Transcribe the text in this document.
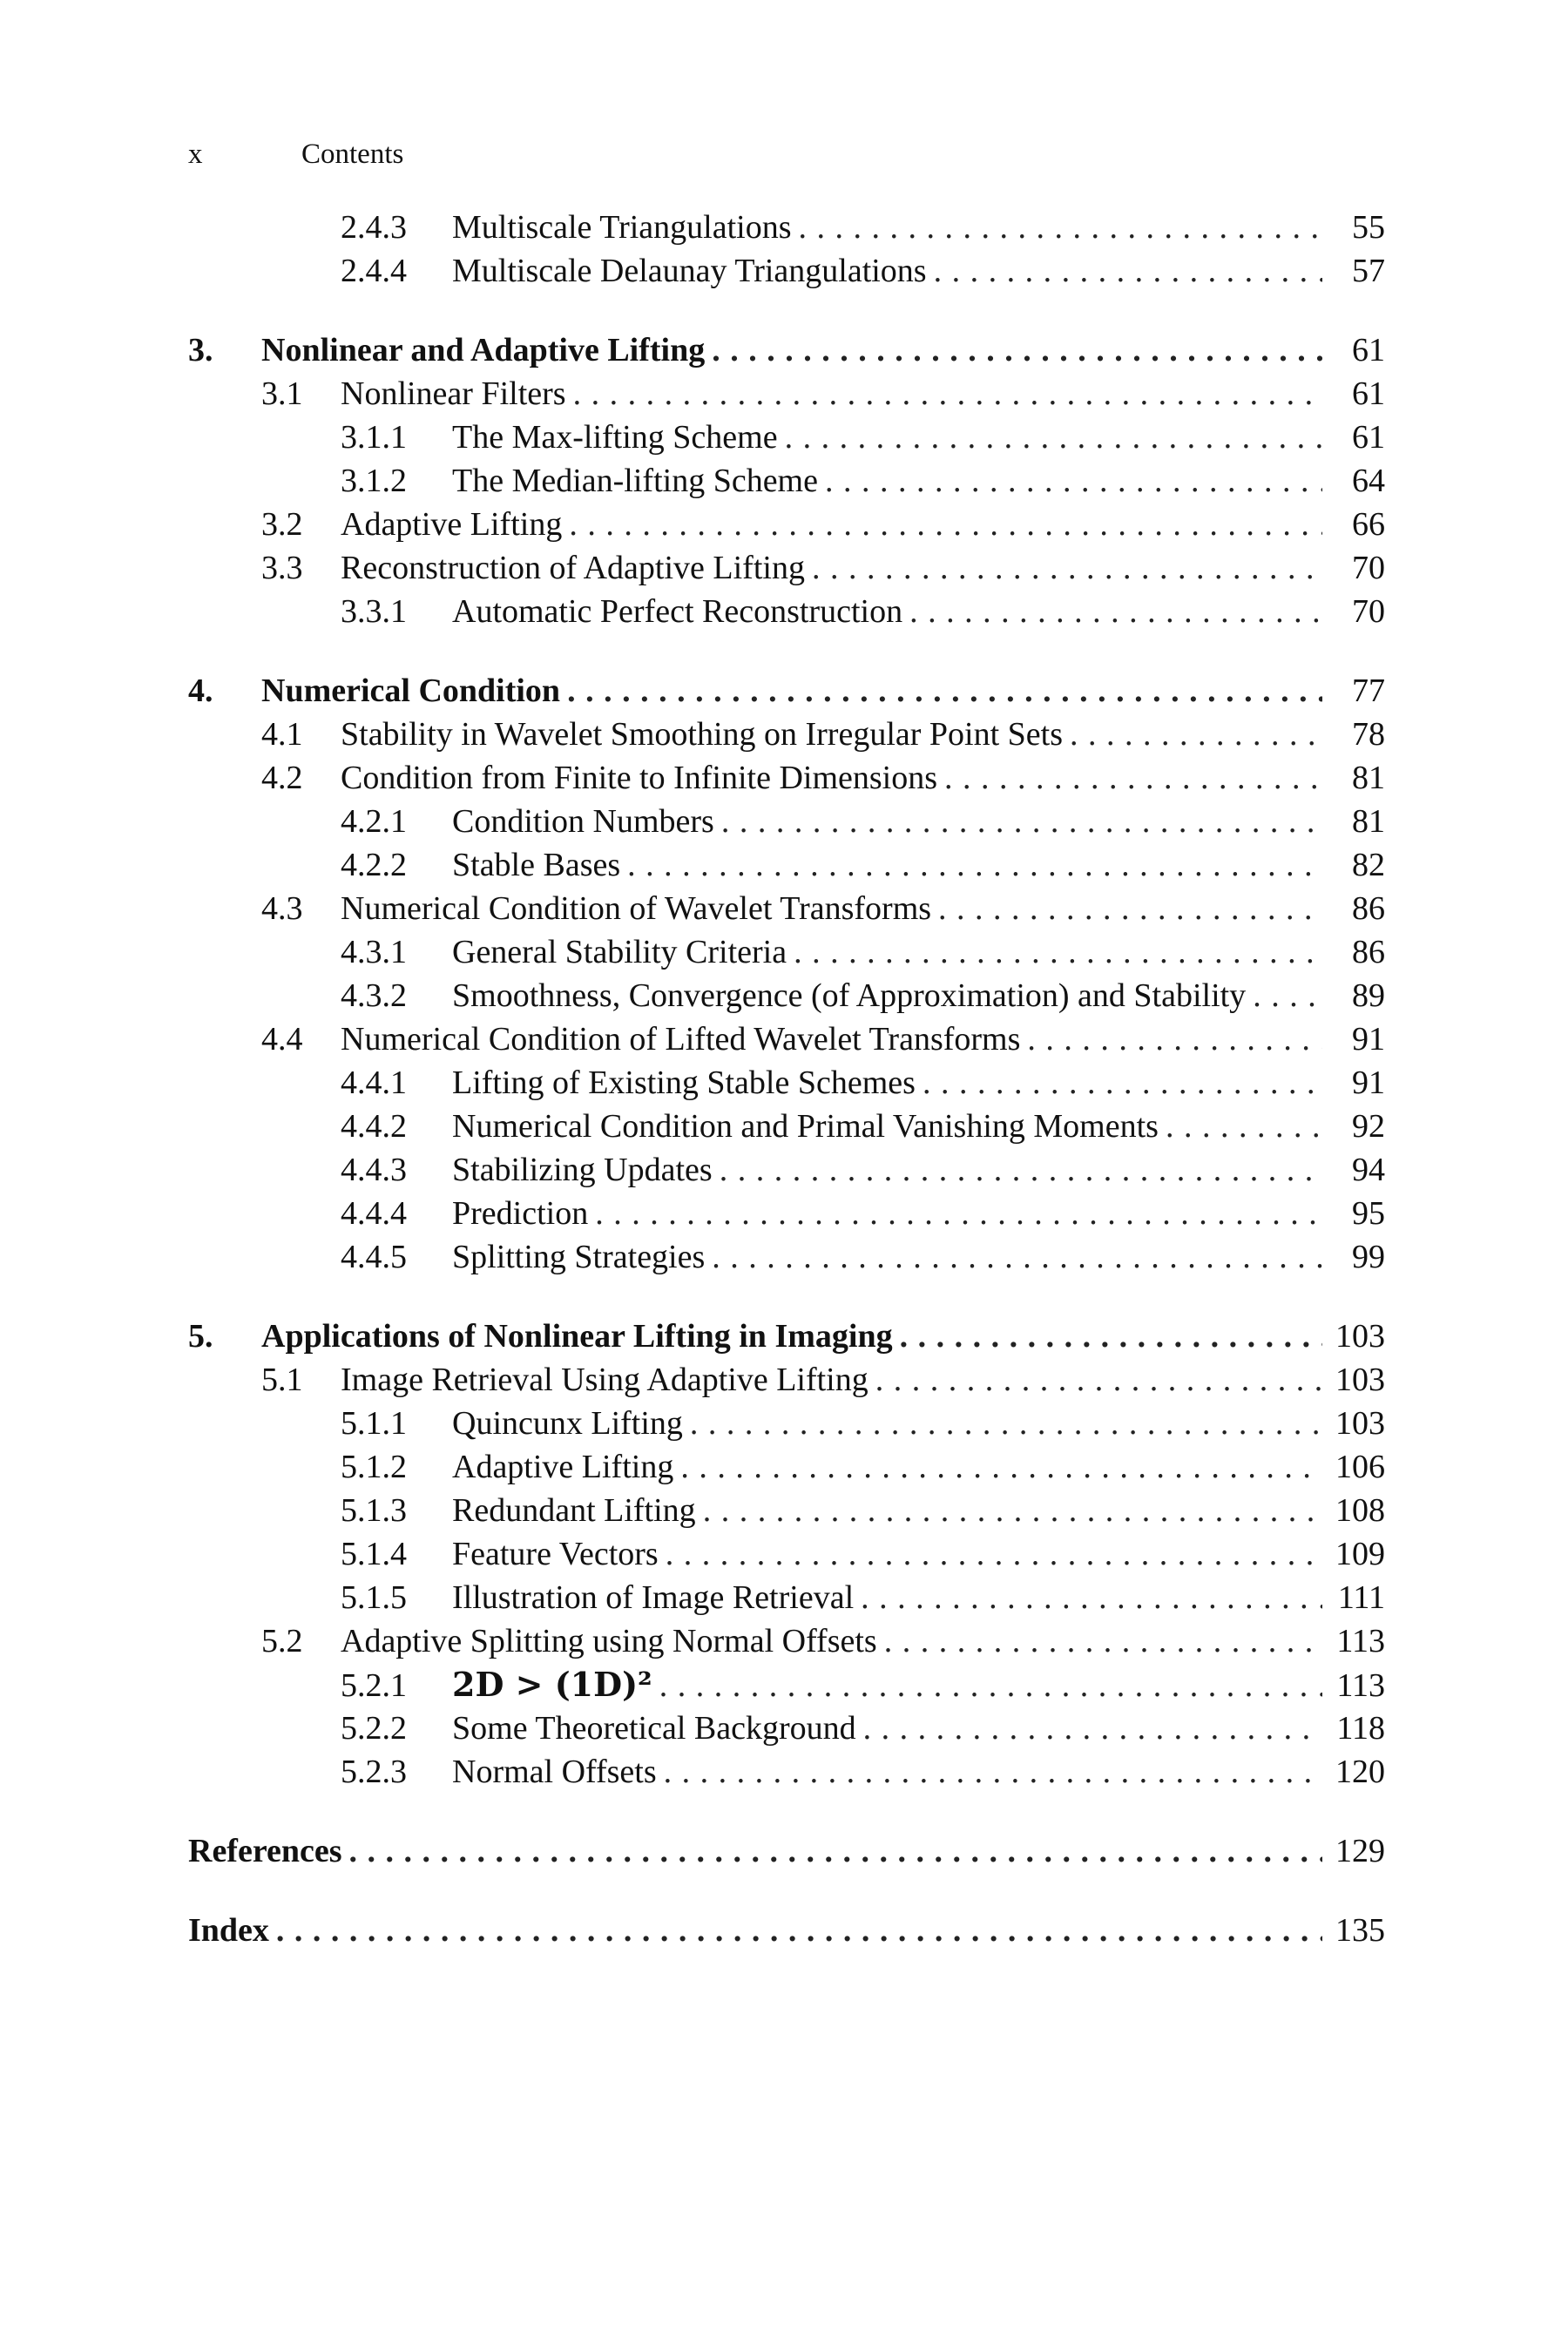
x	Contents
2.4.3	Multiscale Triangulations . . .	55
2.4.4	Multiscale Delaunay Triangulations . . .	57
3.	Nonlinear and Adaptive Lifting . . .	61
3.1	Nonlinear Filters . . .	61
3.1.1	The Max-lifting Scheme . . .	61
3.1.2	The Median-lifting Scheme . . .	64
3.2	Adaptive Lifting . . .	66
3.3	Reconstruction of Adaptive Lifting . . .	70
3.3.1	Automatic Perfect Reconstruction . . .	70
4.	Numerical Condition . . .	77
4.1	Stability in Wavelet Smoothing on Irregular Point Sets . . .	78
4.2	Condition from Finite to Infinite Dimensions . . .	81
4.2.1	Condition Numbers . . .	81
4.2.2	Stable Bases . . .	82
4.3	Numerical Condition of Wavelet Transforms . . .	86
4.3.1	General Stability Criteria . . .	86
4.3.2	Smoothness, Convergence (of Approximation) and Stability . . .	89
4.4	Numerical Condition of Lifted Wavelet Transforms . . .	91
4.4.1	Lifting of Existing Stable Schemes . . .	91
4.4.2	Numerical Condition and Primal Vanishing Moments . . .	92
4.4.3	Stabilizing Updates . . .	94
4.4.4	Prediction . . .	95
4.4.5	Splitting Strategies . . .	99
5.	Applications of Nonlinear Lifting in Imaging . . .	103
5.1	Image Retrieval Using Adaptive Lifting . . .	103
5.1.1	Quincunx Lifting . . .	103
5.1.2	Adaptive Lifting . . .	106
5.1.3	Redundant Lifting . . .	108
5.1.4	Feature Vectors . . .	109
5.1.5	Illustration of Image Retrieval . . .	111
5.2	Adaptive Splitting using Normal Offsets . . .	113
5.2.1	2D > (1D)² . . .	113
5.2.2	Some Theoretical Background . . .	118
5.2.3	Normal Offsets . . .	120
References . . .	129
Index . . .	135
